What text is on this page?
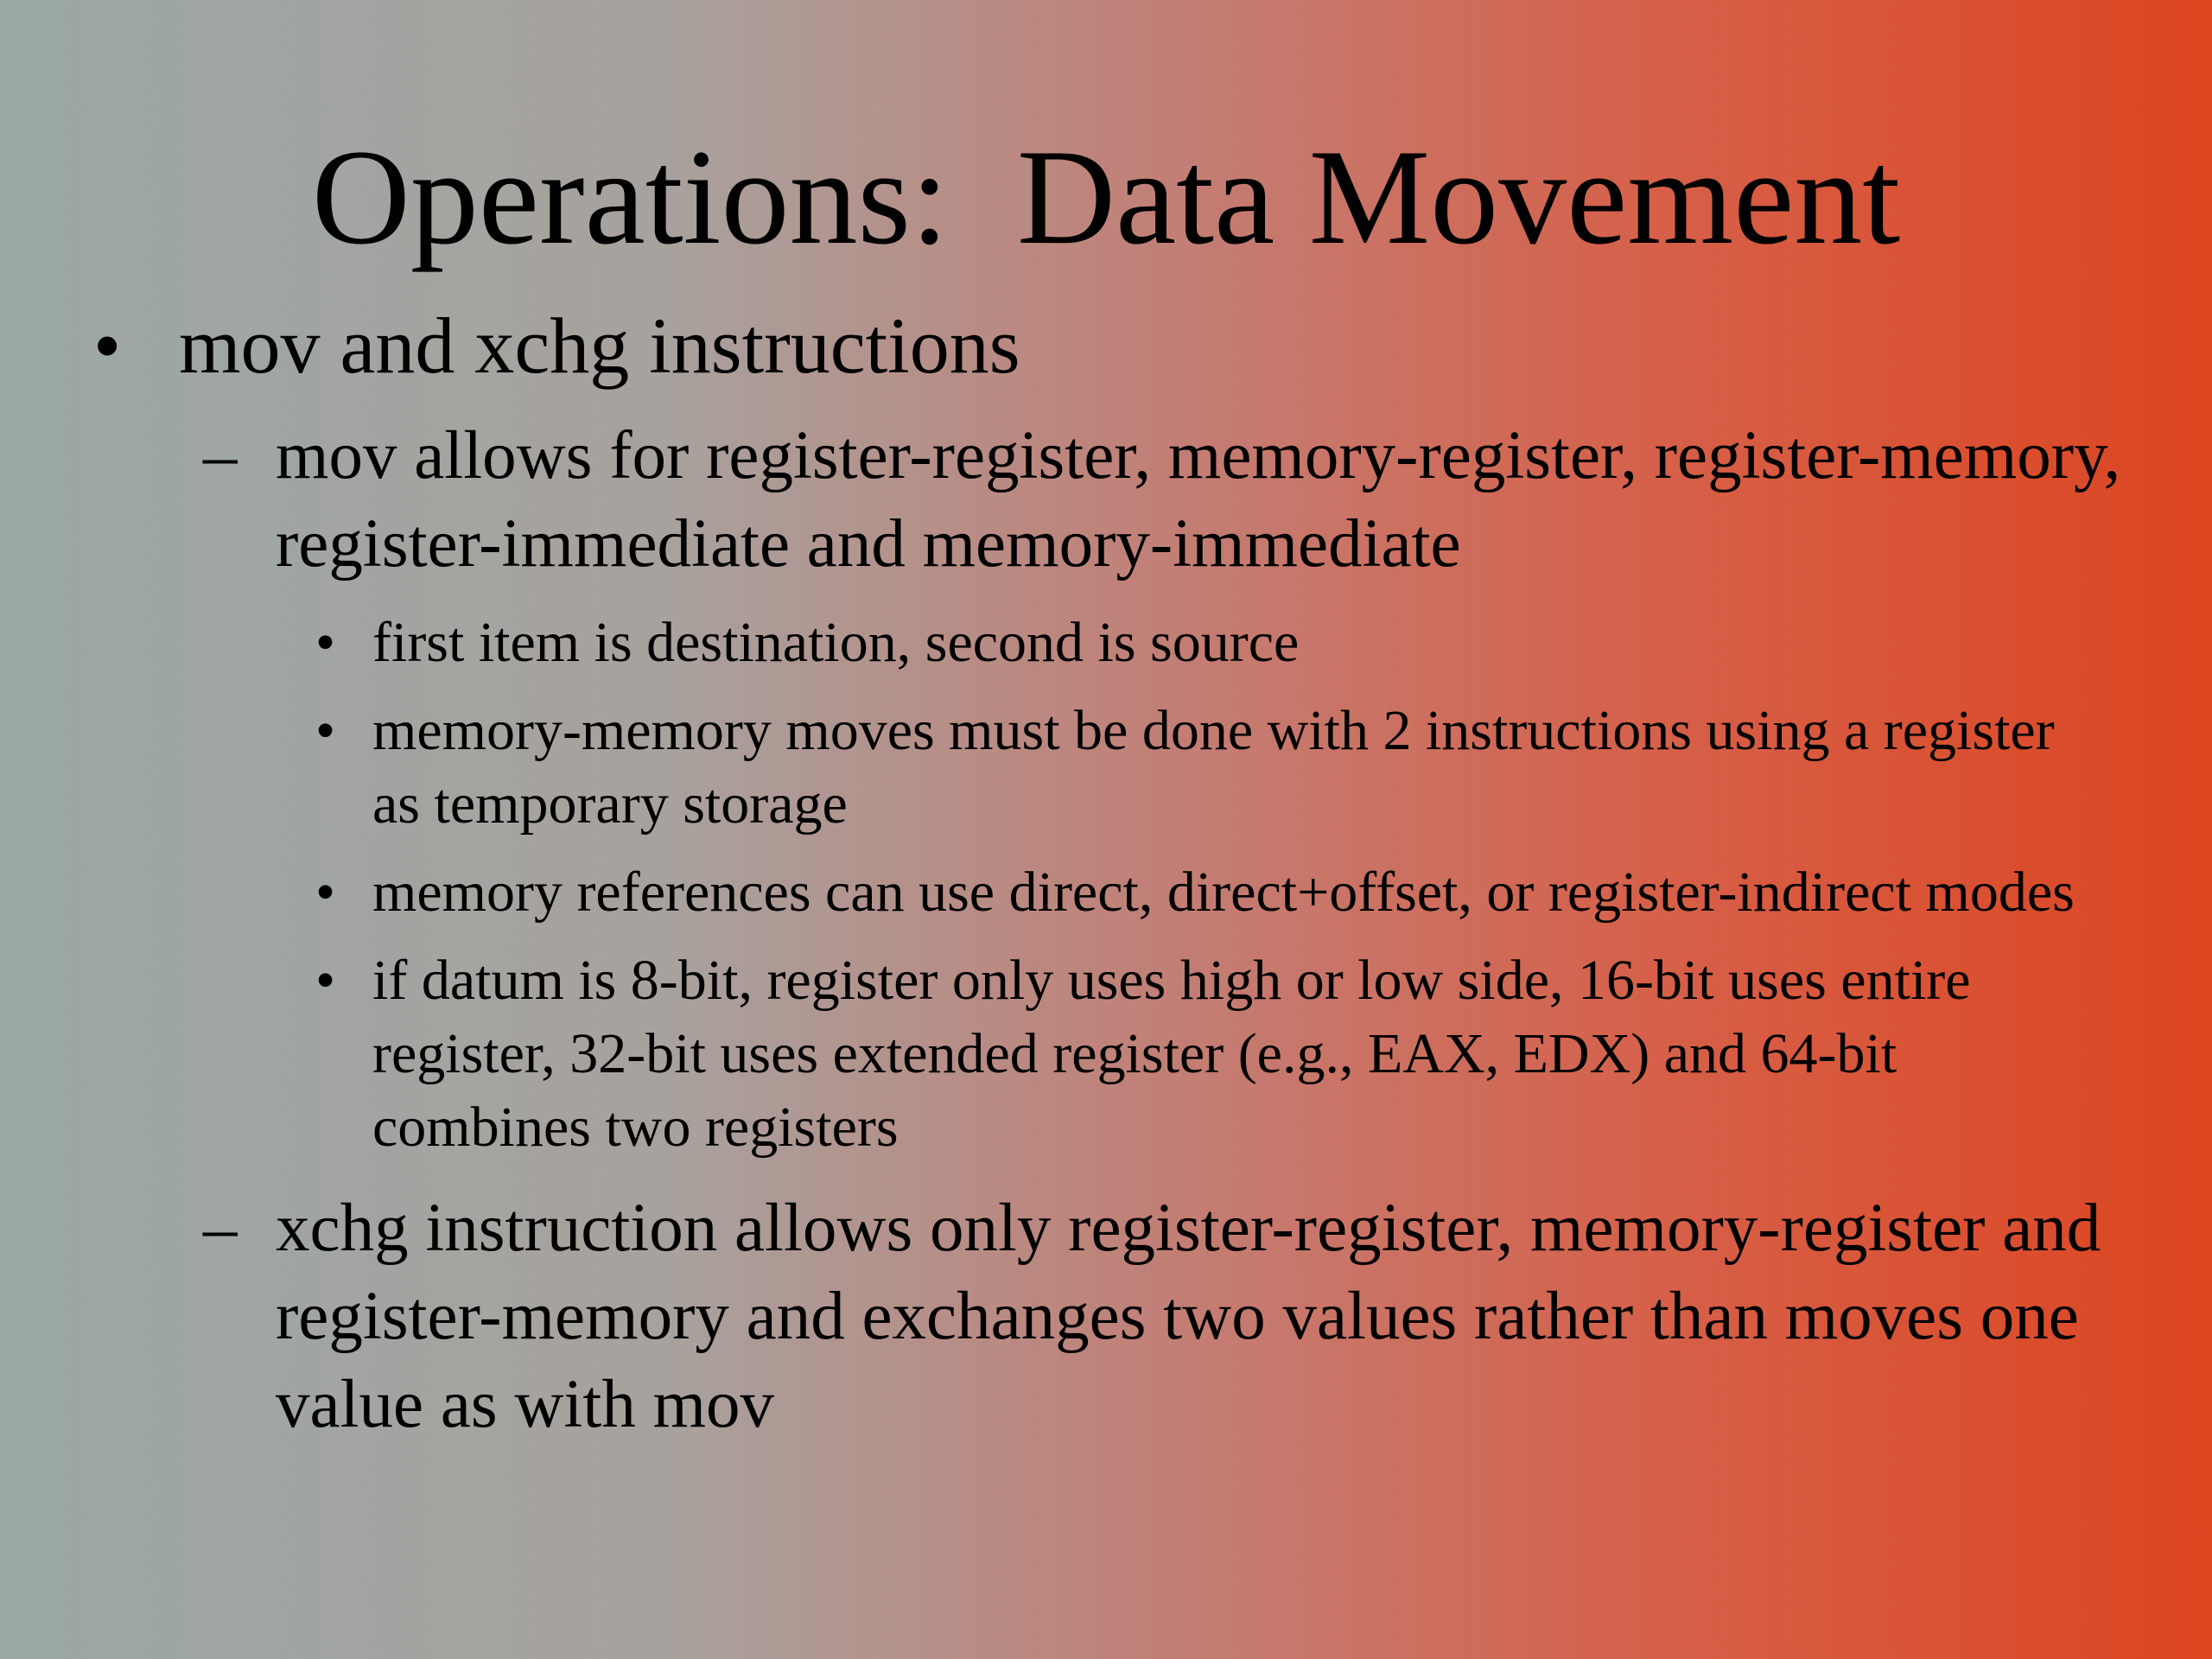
Operations:  Data Movement
• mov and xchg instructions
– mov allows for register-register, memory-register, register-memory, register-immediate and memory-immediate
• first item is destination, second is source
• memory-memory moves must be done with 2 instructions using a register as temporary storage
• memory references can use direct, direct+offset, or register-indirect modes
• if datum is 8-bit, register only uses high or low side, 16-bit uses entire register, 32-bit uses extended register (e.g., EAX, EDX) and 64-bit combines two registers
– xchg instruction allows only register-register, memory-register and register-memory and exchanges two values rather than moves one value as with mov
